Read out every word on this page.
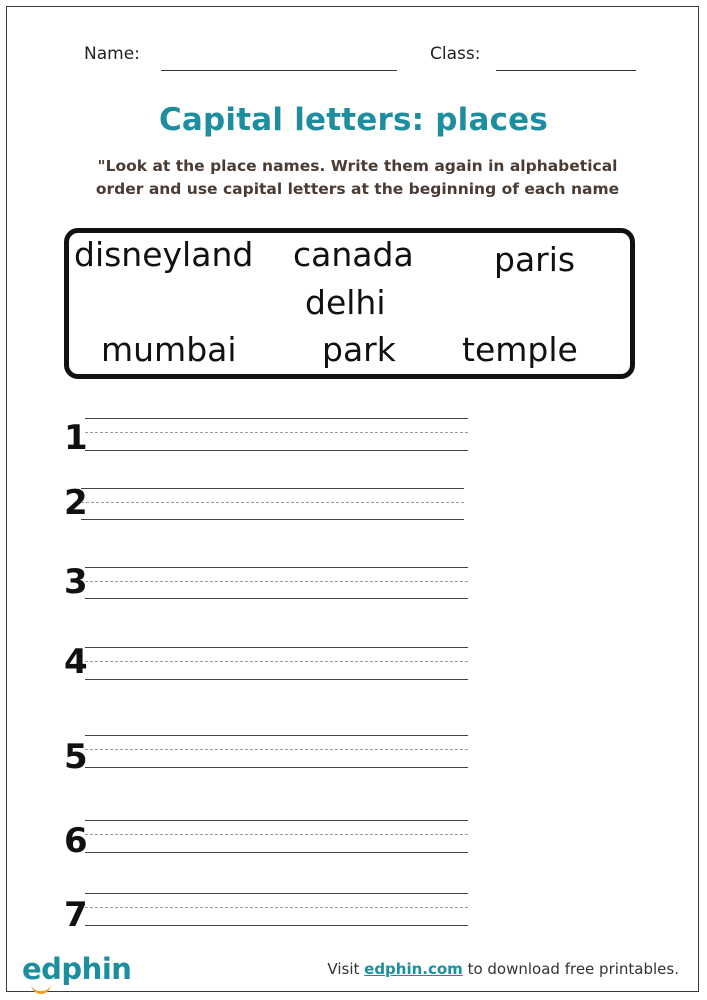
Name:	Class:
Capital letters: places
"Look at the place names. Write them again in alphabetical
order and use capital letters at the beginning of each name
disneyland canada paris
delhi
mumbai	park temple
1
2
3
4
5
6
7
edphin	Visit edphin.com to download free printables.
